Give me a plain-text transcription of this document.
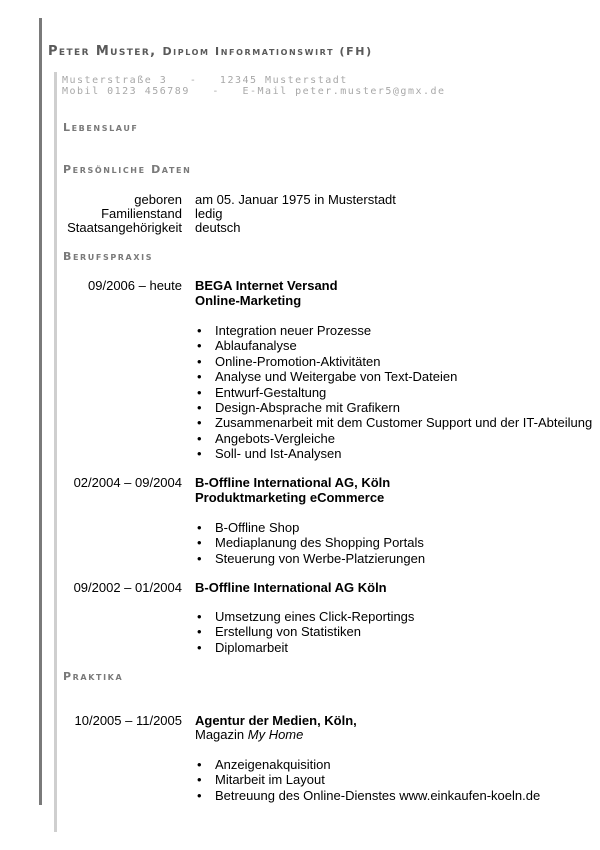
Peter Muster, Diplom Informationswirt (FH)
Musterstraße 3   -   12345 Musterstadt
Mobil 0123 456789   -   E-Mail peter.muster5@gmx.de
Lebenslauf
Persönliche Daten
geboren am 05. Januar 1975 in Musterstadt
Familienstand ledig
Staatsangehörigkeit deutsch
Berufspraxis
09/2006 – heute BEGA Internet Versand
Online-Marketing
• Integration neuer Prozesse
• Ablaufanalyse
• Online-Promotion-Aktivitäten
• Analyse und Weitergabe von Text-Dateien
• Entwurf-Gestaltung
• Design-Absprache mit Grafikern
• Zusammenarbeit mit dem Customer Support und der IT-Abteilung
• Angebots-Vergleiche
• Soll- und Ist-Analysen
02/2004 – 09/2004 B-Offline International AG, Köln
Produktmarketing eCommerce
• B-Offline Shop
• Mediaplanung des Shopping Portals
• Steuerung von Werbe-Platzierungen
09/2002 – 01/2004 B-Offline International AG Köln
• Umsetzung eines Click-Reportings
• Erstellung von Statistiken
• Diplomarbeit
Praktika
10/2005 – 11/2005 Agentur der Medien, Köln,
Magazin My Home
• Anzeigenakquisition
• Mitarbeit im Layout
• Betreuung des Online-Dienstes www.einkaufen-koeln.de
